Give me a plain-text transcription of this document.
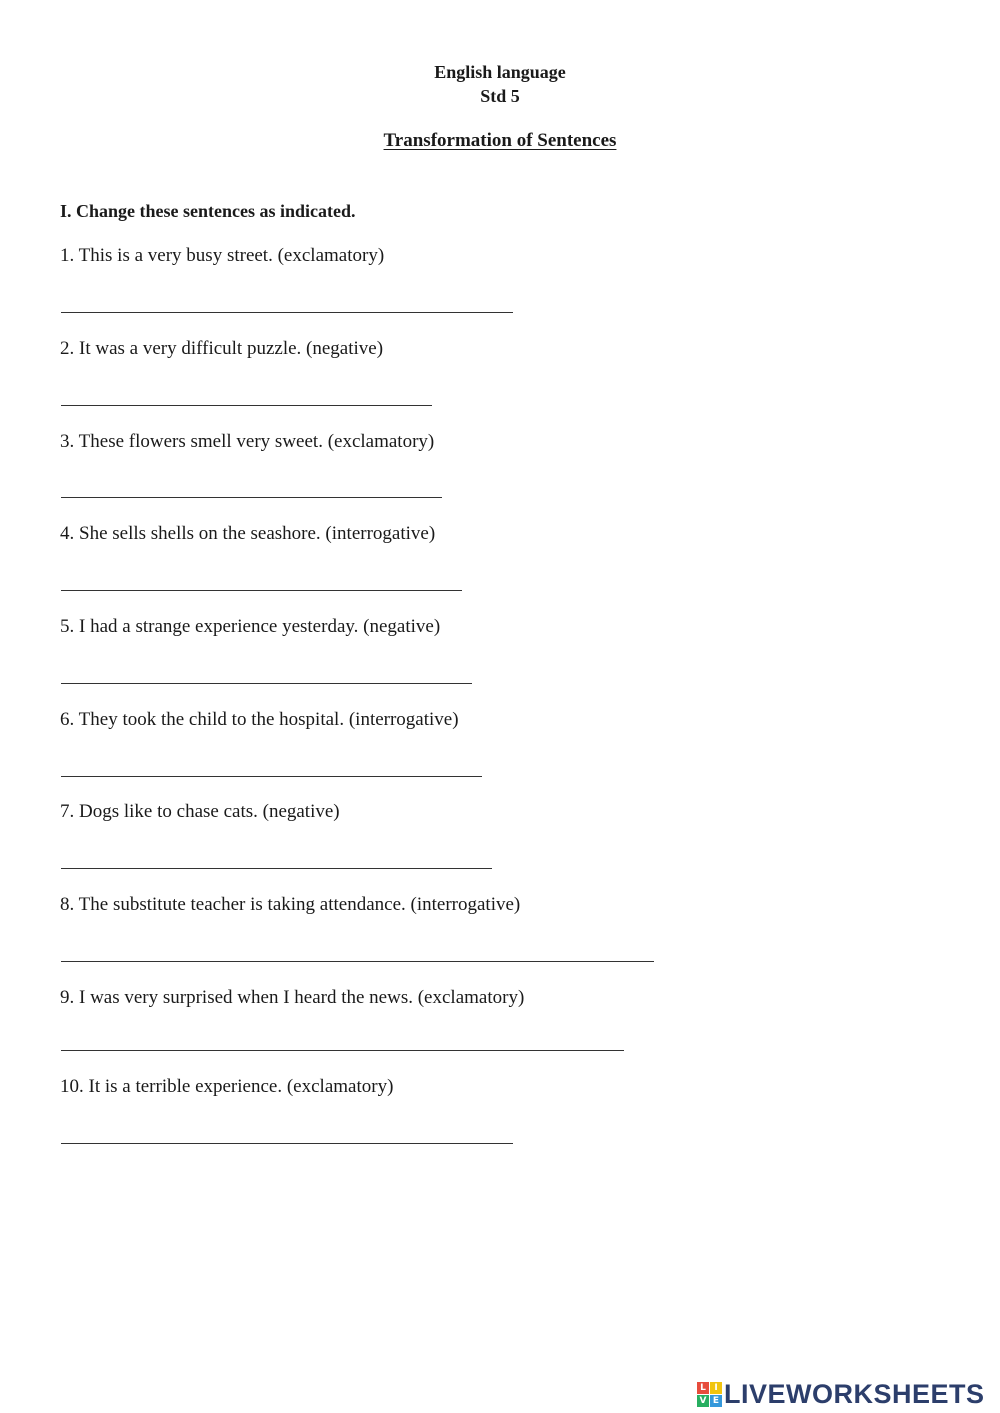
English language
Std 5
Transformation of Sentences
I. Change these sentences as indicated.
1. This is a very busy street. (exclamatory)
2. It was a very difficult puzzle. (negative)
3. These flowers smell very sweet. (exclamatory)
4. She sells shells on the seashore. (interrogative)
5. I had a strange experience yesterday. (negative)
6. They took the child to the hospital. (interrogative)
7. Dogs like to chase cats. (negative)
8. The substitute teacher is taking attendance. (interrogative)
9. I was very surprised when I heard the news. (exclamatory)
10. It is a terrible experience. (exclamatory)
L I
V E LIVEWORKSHEETS
